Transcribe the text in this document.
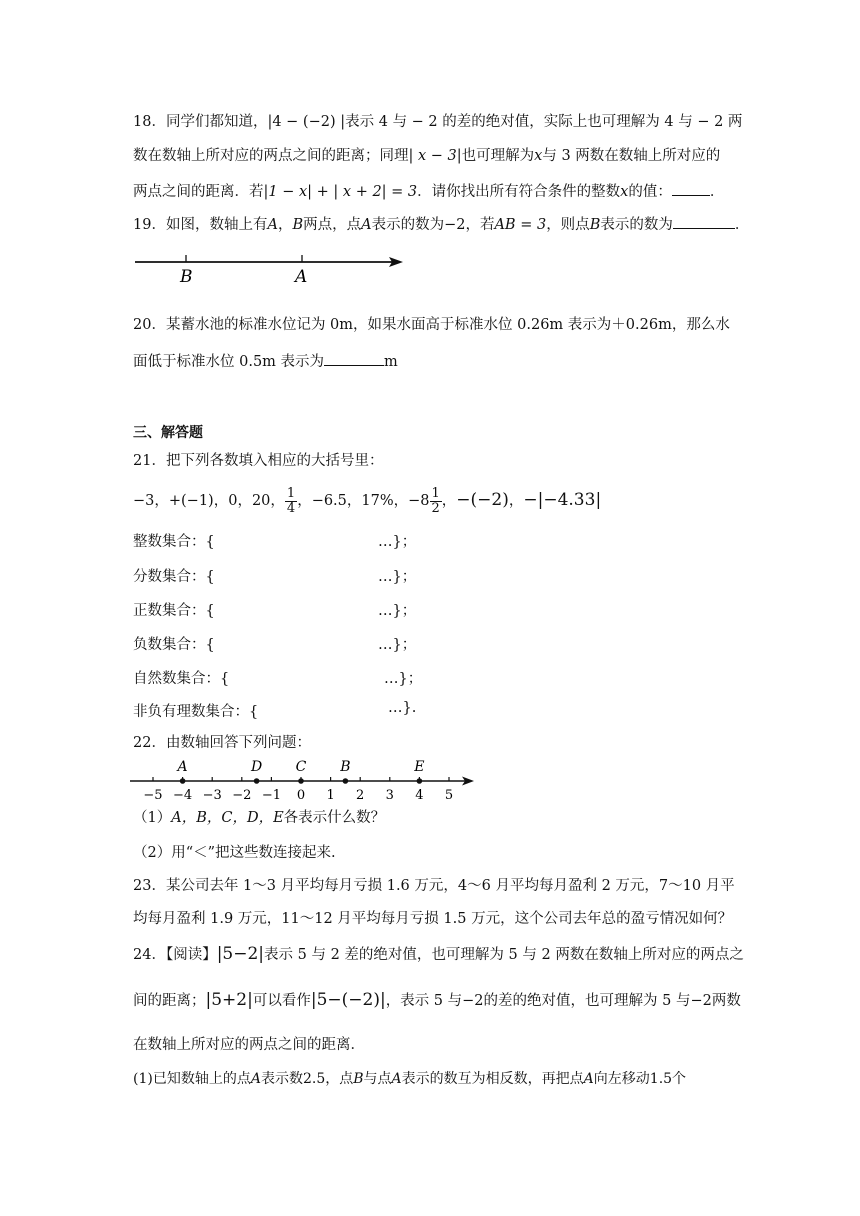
18．同学们都知道，|4 − (−2) |表示 4 与 − 2 的差的绝对值，实际上也可理解为 4 与 − 2 两
数在数轴上所对应的两点之间的距离；同理| x − 3|也可理解为x与 3 两数在数轴上所对应的
两点之间的距离．若|1 − x| + | x + 2| = 3．请你找出所有符合条件的整数x的值：	．
19．如图，数轴上有A，B两点，点A表示的数为−2，若AB = 3，则点B表示的数为	．
B	A
20．某蓄水池的标准水位记为 0m，如果水面高于标准水位 0.26m 表示为＋0.26m，那么水
面低于标准水位 0.5m 表示为	m
三、解答题
21．把下列各数填入相应的大括号里：
−3，+(−1)，0，20， $\frac{1}{4}$ ，−6.5，17%，$-8 \frac{1}{2}$ ，−(−2)，−|−4.33|
整数集合：{	…}；
分数集合：{	…}；
正数集合：{	…}；
负数集合：{	…}；
自然数集合：{	…}；
非负有理数集合：{	…}.
22．由数轴回答下列问题：
−5 −4 −3 −2 −1 0 1 2 3 4 5
A	D C B	E
（1）A，B，C，D，E各表示什么数？
（2）用“＜”把这些数连接起来.
23．某公司去年 1～3 月平均每月亏损 1.6 万元，4～6 月平均每月盈利 2 万元，7～10 月平
均每月盈利 1.9 万元，11～12 月平均每月亏损 1.5 万元，这个公司去年总的盈亏情况如何？
24．【阅读】|5−2|表示 5 与 2 差的绝对值，也可理解为 5 与 2 两数在数轴上所对应的两点之
间的距离；|5+2|可以看作|5−(−2)|，表示 5 与−2的差的绝对值，也可理解为 5 与−2两数
在数轴上所对应的两点之间的距离．
(1)已知数轴上的点A表示数2.5，点B与点A表示的数互为相反数，再把点A向左移动1.5个
